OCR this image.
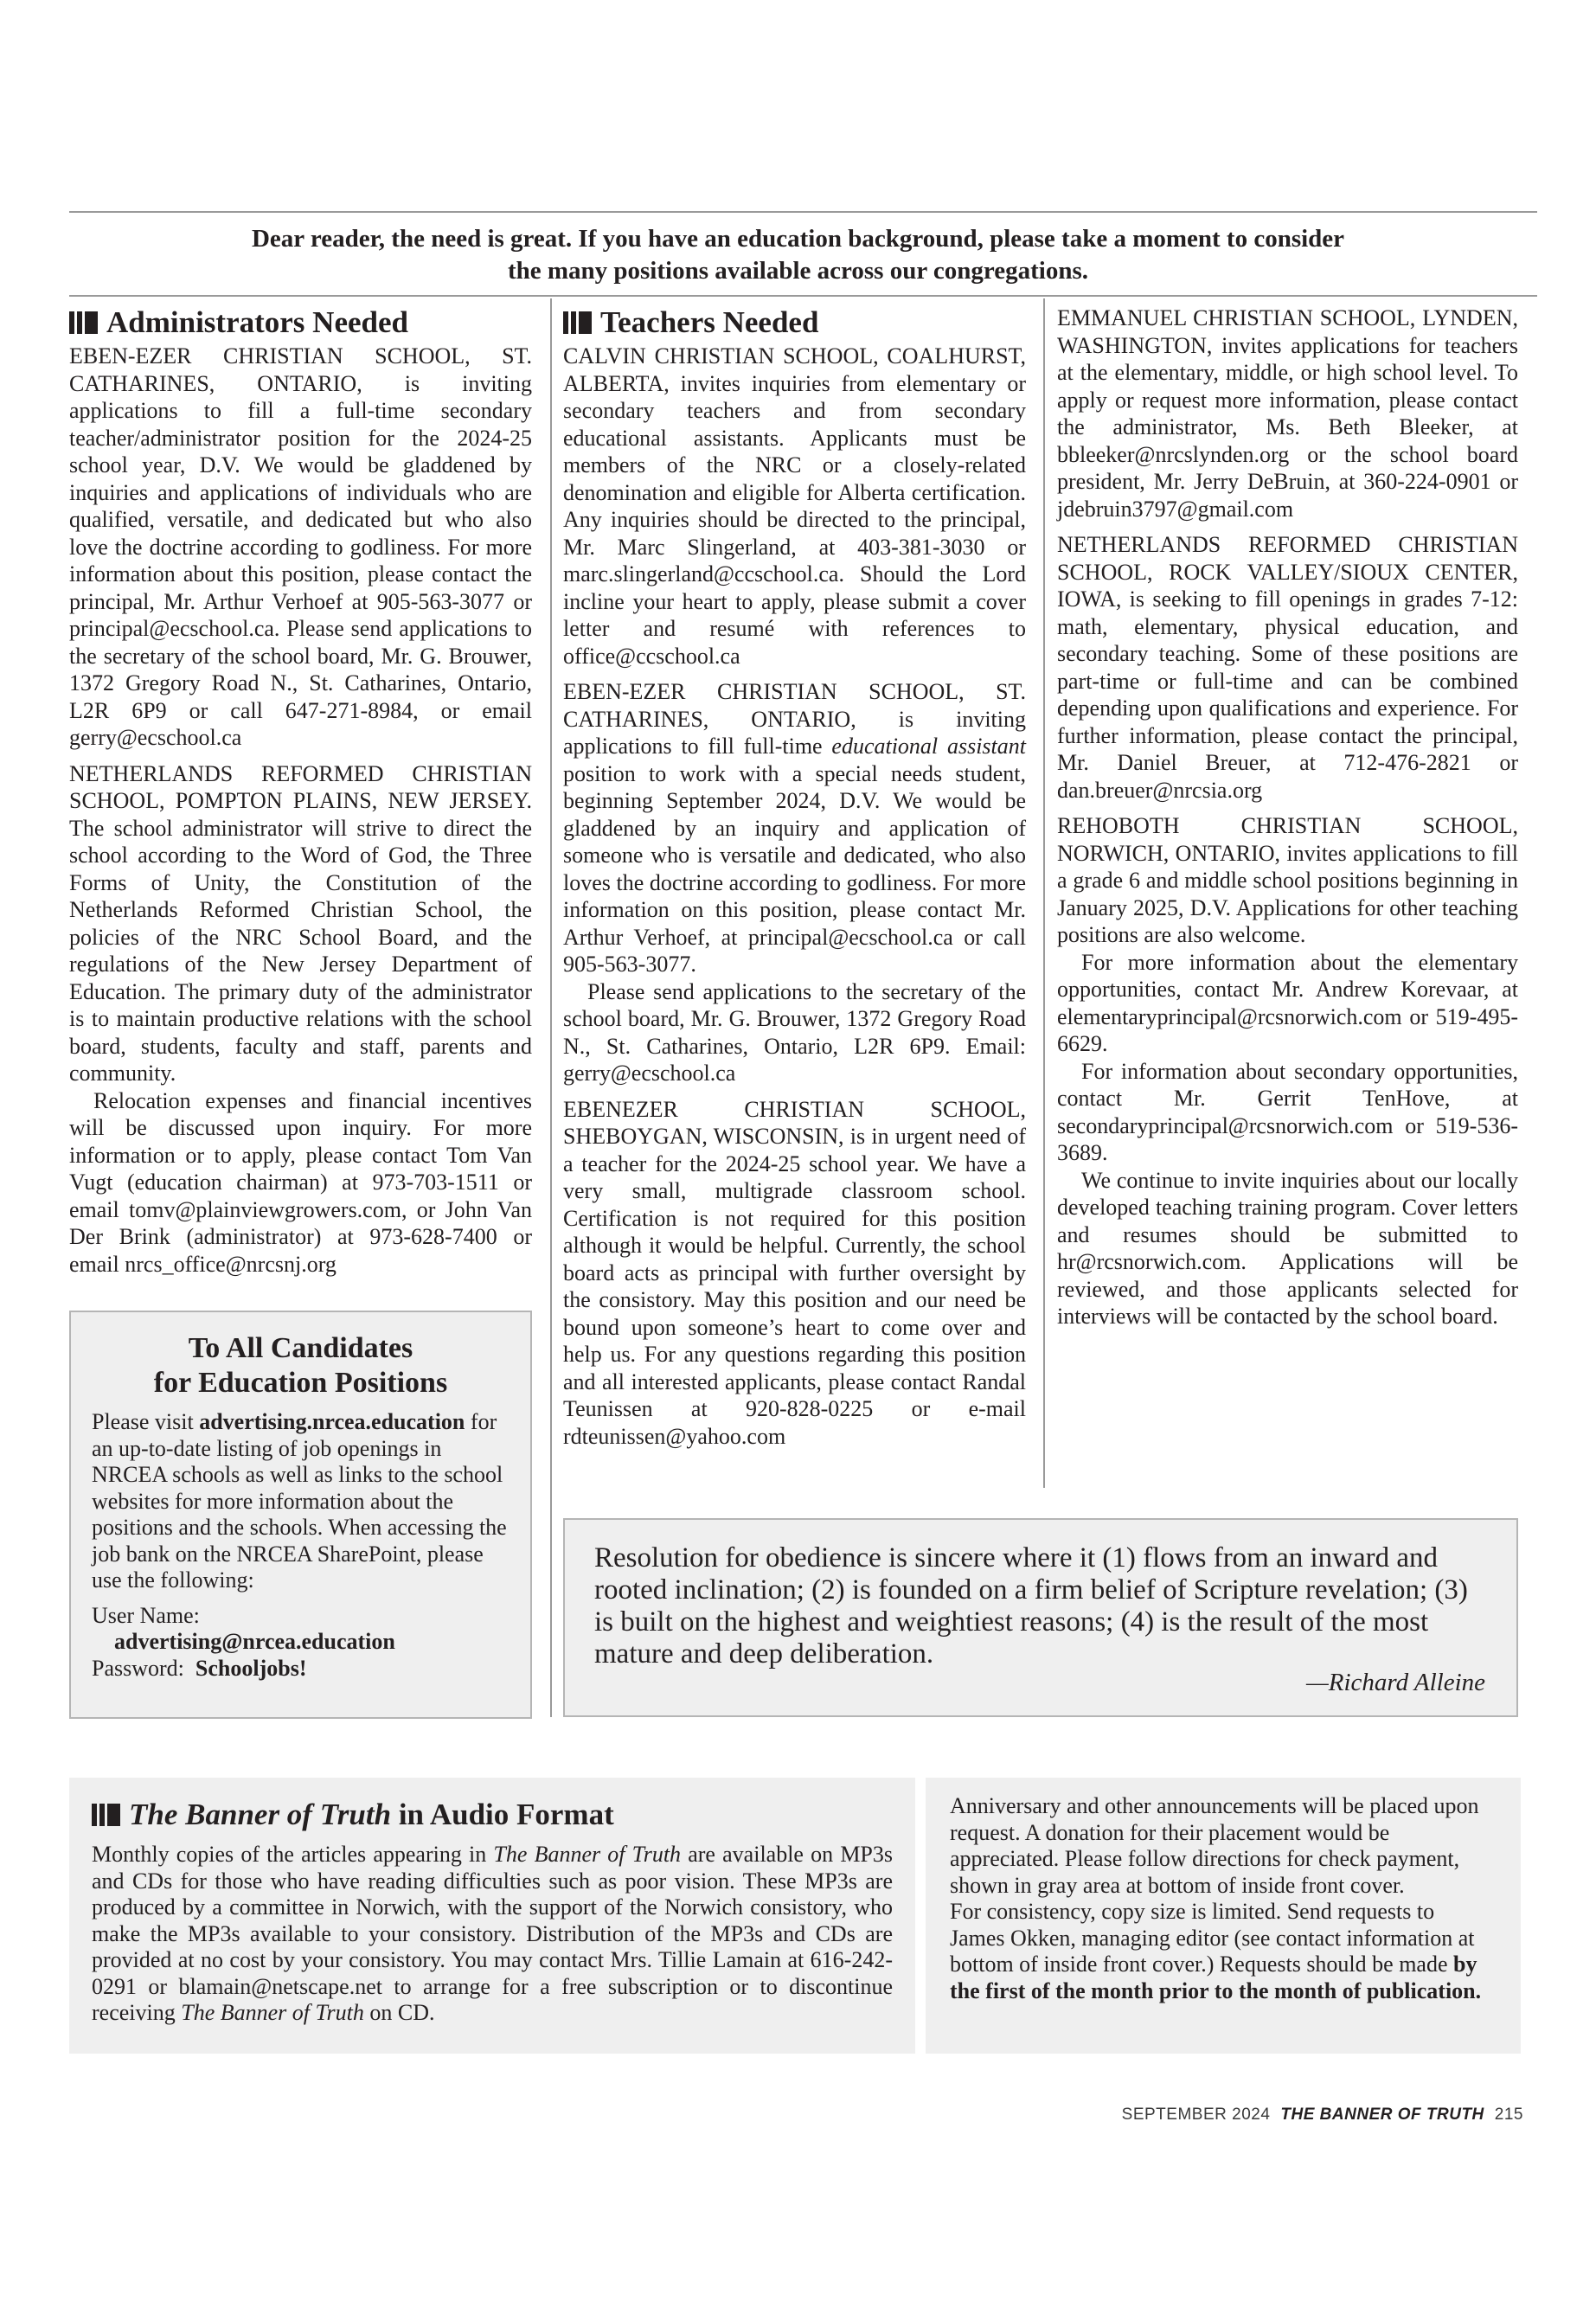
Dear reader, the need is great. If you have an education background, please take a moment to consider
the many positions available across our congregations.
Administrators Needed

EBEN-EZER CHRISTIAN SCHOOL, ST. CATHARINES, ONTARIO, is inviting applications to fill a full-time secondary teacher/administrator position for the 2024-25 school year, D.V. We would be gladdened by inquiries and applications of individuals who are qualified, versatile, and dedicated but who also love the doctrine according to godliness. For more information about this position, please contact the principal, Mr. Arthur Verhoef at 905-563-3077 or principal@ecschool.ca. Please send applications to the secretary of the school board, Mr. G. Brouwer, 1372 Gregory Road N., St. Catharines, Ontario, L2R 6P9 or call 647-271-8984, or email gerry@ecschool.ca

NETHERLANDS REFORMED CHRISTIAN SCHOOL, POMPTON PLAINS, NEW JERSEY. The school administrator will strive to direct the school according to the Word of God, the Three Forms of Unity, the Constitution of the Netherlands Reformed Christian School, the policies of the NRC School Board, and the regulations of the New Jersey Department of Education. The primary duty of the administrator is to maintain productive relations with the school board, students, faculty and staff, parents and community.

Relocation expenses and financial incentives will be discussed upon inquiry. For more information or to apply, please contact Tom Van Vugt (education chairman) at 973-703-1511 or email tomv@plainviewgrowers.com, or John Van Der Brink (administrator) at 973-628-7400 or email nrcs_office@nrcsnj.org

To All Candidates
for Education Positions

Please visit advertising.nrcea.education for an up-to-date listing of job openings in NRCEA schools as well as links to the school websites for more information about the positions and the schools. When accessing the job bank on the NRCEA SharePoint, please use the following:

User Name:
advertising@nrcea.education
Password: Schooljobs!
Teachers Needed

CALVIN CHRISTIAN SCHOOL, COALHURST, ALBERTA, invites inquiries from elementary or secondary teachers and from secondary educational assistants. Applicants must be members of the NRC or a closely-related denomination and eligible for Alberta certification. Any inquiries should be directed to the principal, Mr. Marc Slingerland, at 403-381-3030 or marc.slingerland@ccschool.ca. Should the Lord incline your heart to apply, please submit a cover letter and resumé with references to office@ccschool.ca

EBEN-EZER CHRISTIAN SCHOOL, ST. CATHARINES, ONTARIO, is inviting applications to fill full-time educational assistant position to work with a special needs student, beginning September 2024, D.V. We would be gladdened by an inquiry and application of someone who is versatile and dedicated, who also loves the doctrine according to godliness. For more information on this position, please contact Mr. Arthur Verhoef, at principal@ecschool.ca or call 905-563-3077.

Please send applications to the secretary of the school board, Mr. G. Brouwer, 1372 Gregory Road N., St. Catharines, Ontario, L2R 6P9. Email: gerry@ecschool.ca

EBENEZER CHRISTIAN SCHOOL, SHEBOYGAN, WISCONSIN, is in urgent need of a teacher for the 2024-25 school year. We have a very small, multigrade classroom school. Certification is not required for this position although it would be helpful. Currently, the school board acts as principal with further oversight by the consistory. May this position and our need be bound upon someone’s heart to come over and help us. For any questions regarding this position and all interested applicants, please contact Randal Teunissen at 920-828-0225 or e-mail rdteunissen@yahoo.com

EMMANUEL CHRISTIAN SCHOOL, LYNDEN, WASHINGTON, invites applications for teachers at the elementary, middle, or high school level. To apply or request more information, please contact the administrator, Ms. Beth Bleeker, at bbleeker@nrcslynden.org or the school board president, Mr. Jerry DeBruin, at 360-224-0901 or jdebruin3797@gmail.com

NETHERLANDS REFORMED CHRISTIAN SCHOOL, ROCK VALLEY/SIOUX CENTER, IOWA, is seeking to fill openings in grades 7-12: math, elementary, physical education, and secondary teaching. Some of these positions are part-time or full-time and can be combined depending upon qualifications and experience. For further information, please contact the principal, Mr. Daniel Breuer, at 712-476-2821 or dan.breuer@nrcsia.org

REHOBOTH CHRISTIAN SCHOOL, NORWICH, ONTARIO, invites applications to fill a grade 6 and middle school positions beginning in January 2025, D.V. Applications for other teaching positions are also welcome.

For more information about the elementary opportunities, contact Mr. Andrew Korevaar, at elementaryprincipal@rcsnorwich.com or 519-495-6629.

For information about secondary opportunities, contact Mr. Gerrit TenHove, at secondaryprincipal@rcsnorwich.com or 519-536-3689.

We continue to invite inquiries about our locally developed teaching training program. Cover letters and resumes should be submitted to hr@rcsnorwich.com. Applications will be reviewed, and those applicants selected for interviews will be contacted by the school board.

Resolution for obedience is sincere where it (1) flows from an inward and rooted inclination; (2) is founded on a firm belief of Scripture revelation; (3) is built on the highest and weightiest reasons; (4) is the result of the most mature and deep deliberation.

—Richard Alleine
The Banner of Truth in Audio Format

Monthly copies of the articles appearing in The Banner of Truth are available on MP3s and CDs for those who have reading difficulties such as poor vision. These MP3s are produced by a committee in Norwich, with the support of the Norwich consistory, who make the MP3s available to your consistory. Distribution of the MP3s and CDs are provided at no cost by your consistory. You may contact Mrs. Tillie Lamain at 616-242-0291 or blamain@netscape.net to arrange for a free subscription or to discontinue receiving The Banner of Truth on CD.

Anniversary and other announcements will be placed upon request. A donation for their placement would be appreciated. Please follow directions for check payment, shown in gray area at bottom of inside front cover.

For consistency, copy size is limited. Send requests to James Okken, managing editor (see contact information at bottom of inside front cover.) Requests should be made by the first of the month prior to the month of publication.

SEPTEMBER 2024 THE BANNER OF TRUTH 215
